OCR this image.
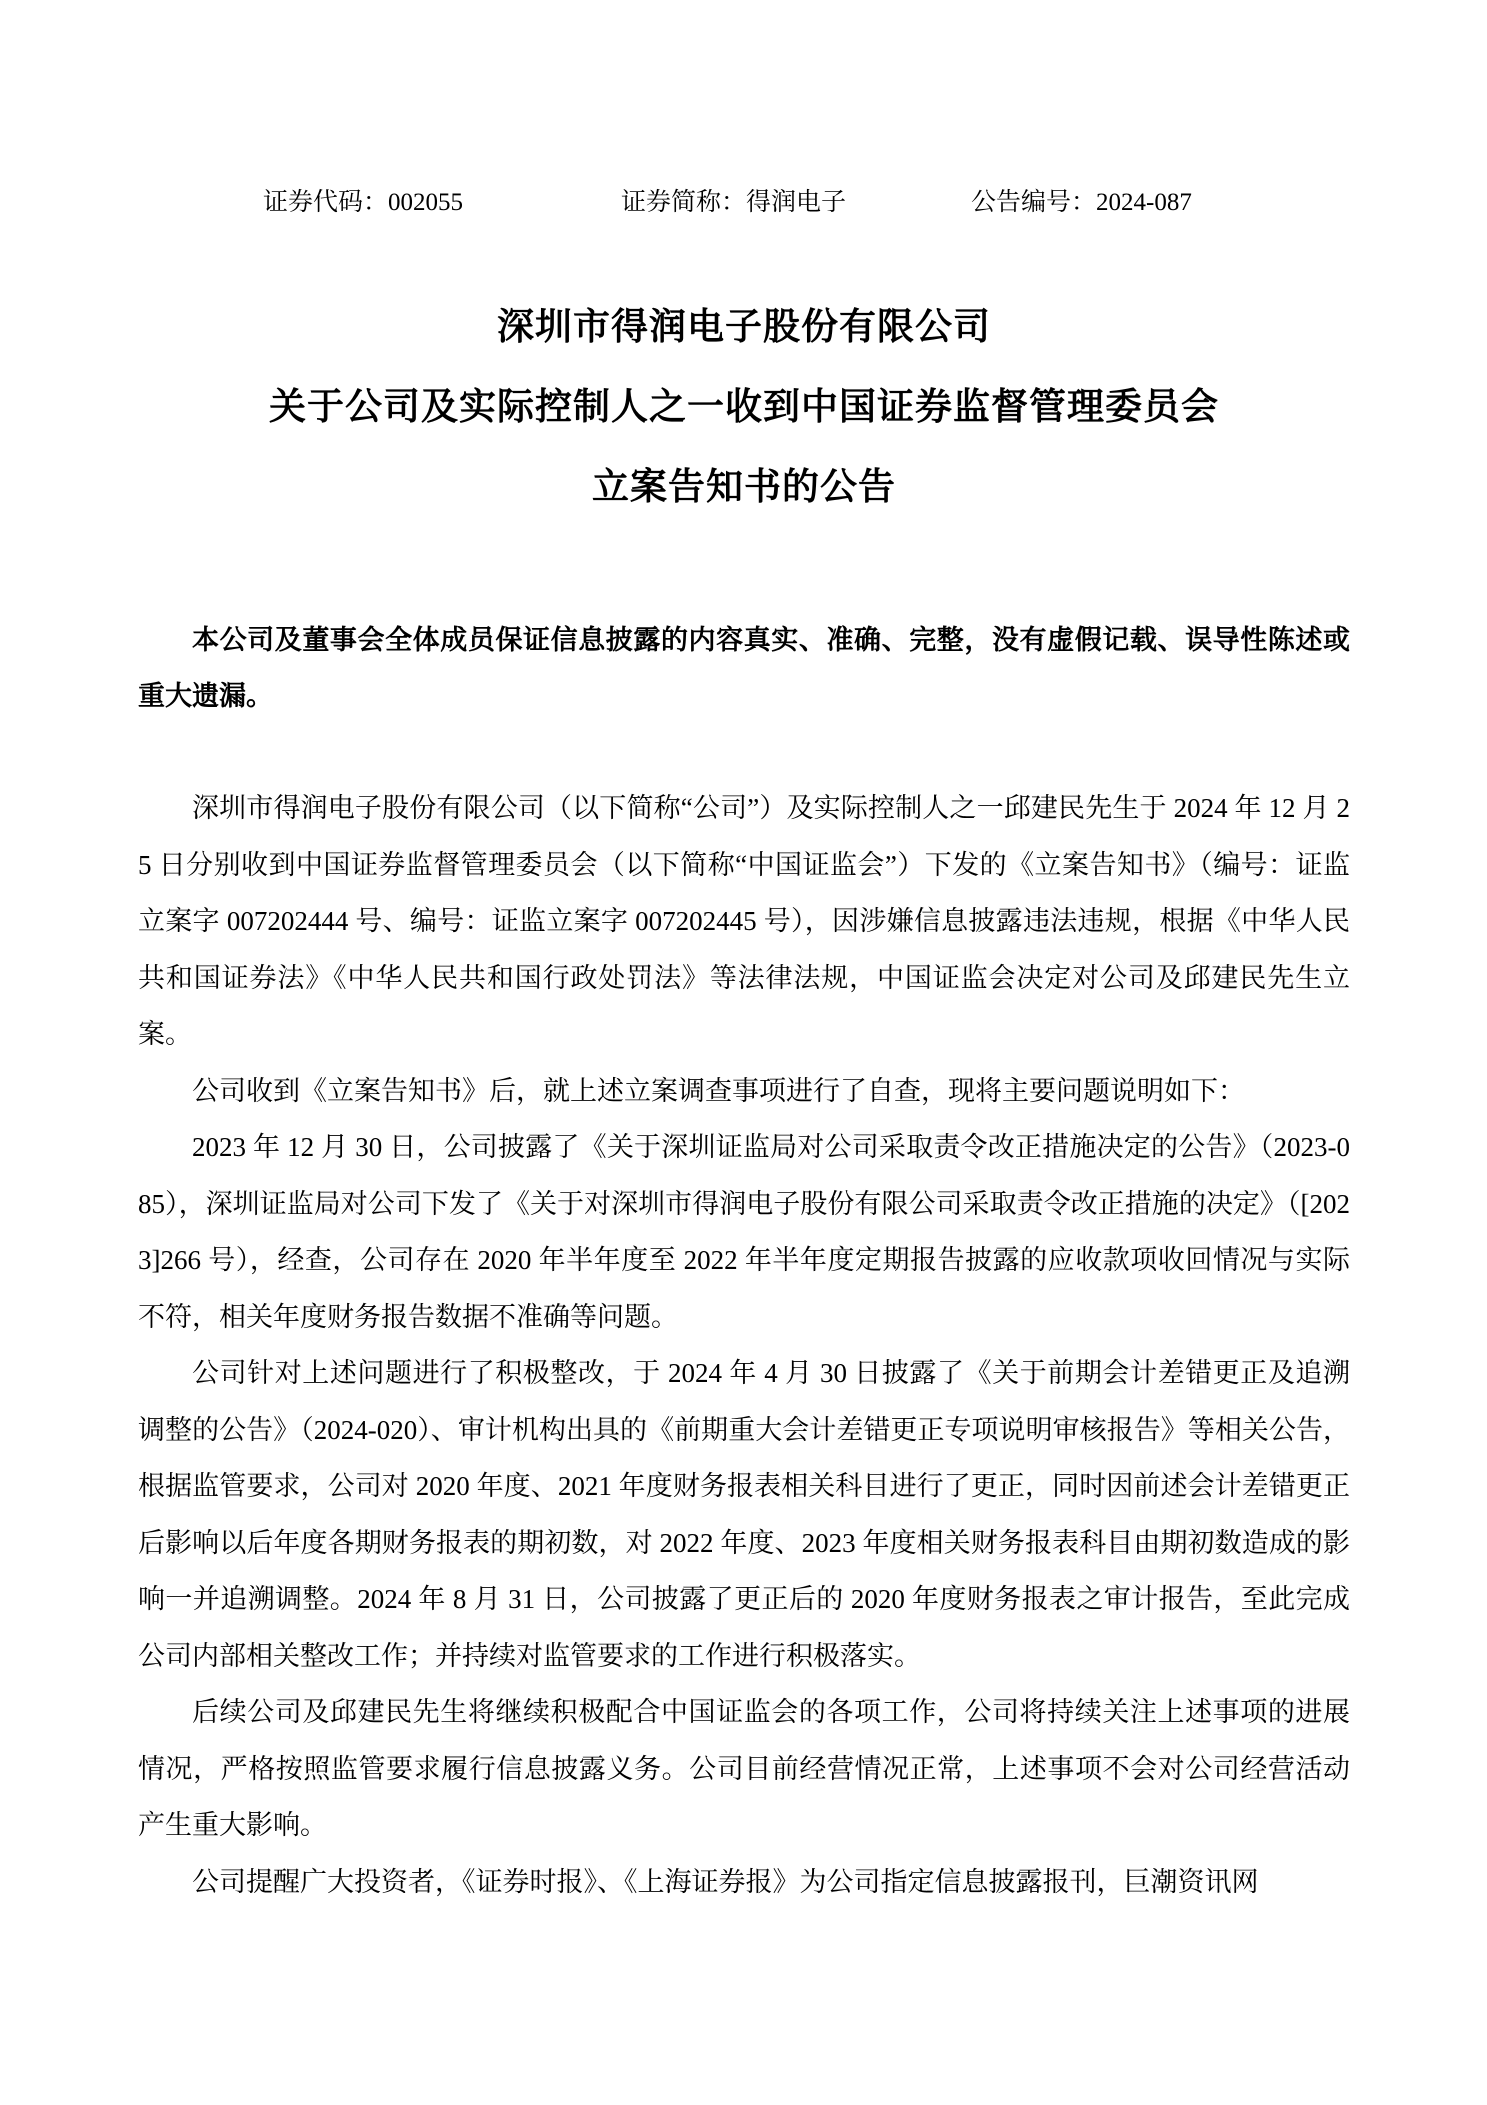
证券代码：002055	证券简称：得润电子	公告编号：2024-087
深圳市得润电子股份有限公司
关于公司及实际控制人之一收到中国证券监督管理委员会
立案告知书的公告
本公司及董事会全体成员保证信息披露的内容真实、准确、完整，没有虚假记载、误导性陈述或重大遗漏。

深圳市得润电子股份有限公司（以下简称“公司”）及实际控制人之一邱建民先生于 2024 年 12 月 25 日分别收到中国证券监督管理委员会（以下简称“中国证监会”）下发的《立案告知书》（编号：证监立案字 007202444 号、编号：证监立案字 007202445 号），因涉嫌信息披露违法违规，根据《中华人民共和国证券法》《中华人民共和国行政处罚法》等法律法规，中国证监会决定对公司及邱建民先生立案。

公司收到《立案告知书》后，就上述立案调查事项进行了自查，现将主要问题说明如下：

2023 年 12 月 30 日，公司披露了《关于深圳证监局对公司采取责令改正措施决定的公告》（2023-085），深圳证监局对公司下发了《关于对深圳市得润电子股份有限公司采取责令改正措施的决定》（[2023]266 号），经查，公司存在 2020 年半年度至 2022 年半年度定期报告披露的应收款项收回情况与实际不符，相关年度财务报告数据不准确等问题。

公司针对上述问题进行了积极整改，于 2024 年 4 月 30 日披露了《关于前期会计差错更正及追溯调整的公告》（2024-020）、审计机构出具的《前期重大会计差错更正专项说明审核报告》等相关公告，根据监管要求，公司对 2020 年度、2021 年度财务报表相关科目进行了更正，同时因前述会计差错更正后影响以后年度各期财务报表的期初数，对 2022 年度、2023 年度相关财务报表科目由期初数造成的影响一并追溯调整。2024 年 8 月 31 日，公司披露了更正后的 2020 年度财务报表之审计报告，至此完成公司内部相关整改工作；并持续对监管要求的工作进行积极落实。

后续公司及邱建民先生将继续积极配合中国证监会的各项工作，公司将持续关注上述事项的进展情况，严格按照监管要求履行信息披露义务。公司目前经营情况正常，上述事项不会对公司经营活动产生重大影响。

公司提醒广大投资者，《证券时报》、《上海证券报》为公司指定信息披露报刊，巨潮资讯网
